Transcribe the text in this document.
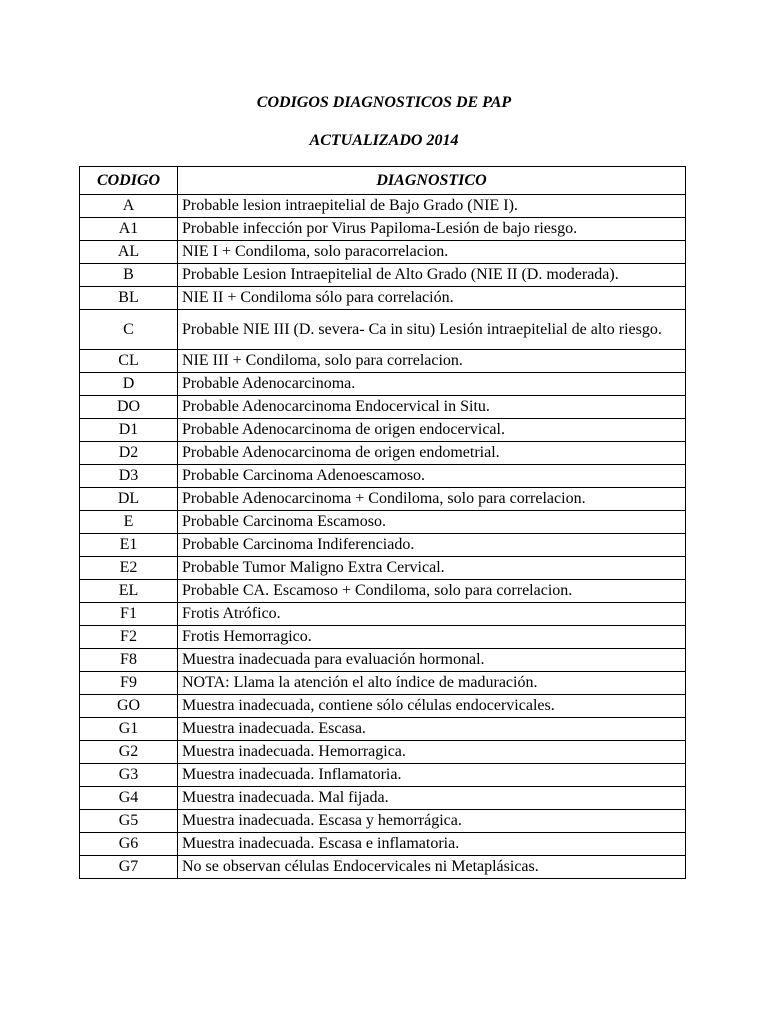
CODIGOS DIAGNOSTICOS DE PAP
ACTUALIZADO 2014
CODIGO	DIAGNOSTICO
A	Probable lesion intraepitelial de Bajo Grado (NIE I).
A1	Probable infección por Virus Papiloma-Lesión de bajo riesgo.
AL	NIE I + Condiloma, solo paracorrelacion.
B	Probable Lesion Intraepitelial de Alto Grado (NIE II (D. moderada).
BL	NIE II + Condiloma sólo para correlación.
C	Probable NIE III (D. severa- Ca in situ) Lesión intraepitelial de alto riesgo.
CL	NIE III + Condiloma, solo para correlacion.
D	Probable Adenocarcinoma.
DO	Probable Adenocarcinoma Endocervical in Situ.
D1	Probable Adenocarcinoma de origen endocervical.
D2	Probable Adenocarcinoma de origen endometrial.
D3	Probable Carcinoma Adenoescamoso.
DL	Probable Adenocarcinoma + Condiloma, solo para correlacion.
E	Probable Carcinoma Escamoso.
E1	Probable Carcinoma Indiferenciado.
E2	Probable Tumor Maligno Extra Cervical.
EL	Probable CA. Escamoso + Condiloma, solo para correlacion.
F1	Frotis Atrófico.
F2	Frotis Hemorragico.
F8	Muestra inadecuada para evaluación hormonal.
F9	NOTA: Llama la atención el alto índice de maduración.
GO	Muestra inadecuada, contiene sólo células endocervicales.
G1	Muestra inadecuada. Escasa.
G2	Muestra inadecuada. Hemorragica.
G3	Muestra inadecuada. Inflamatoria.
G4	Muestra inadecuada. Mal fijada.
G5	Muestra inadecuada. Escasa y hemorrágica.
G6	Muestra inadecuada. Escasa e inflamatoria.
G7	No se observan células Endocervicales ni Metaplásicas.
